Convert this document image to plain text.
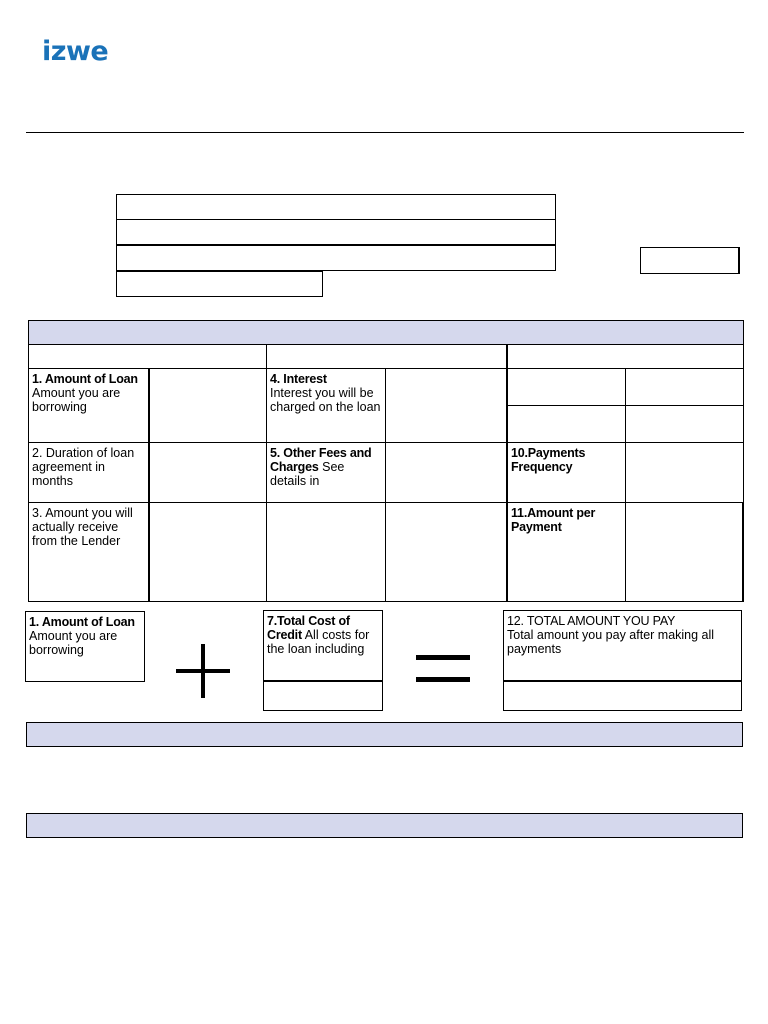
izwe
1. Amount of Loan
Amount you are borrowing
4. Interest
Interest you will be charged on the loan
2. Duration of loan agreement in months
5. Other Fees and Charges See details in
10.Payments Frequency
3. Amount you will actually receive from the Lender
11.Amount per Payment
1. Amount of Loan
Amount you are borrowing
7.Total Cost of Credit All costs for the loan including
12. TOTAL AMOUNT YOU PAY
Total amount you pay after making all payments
